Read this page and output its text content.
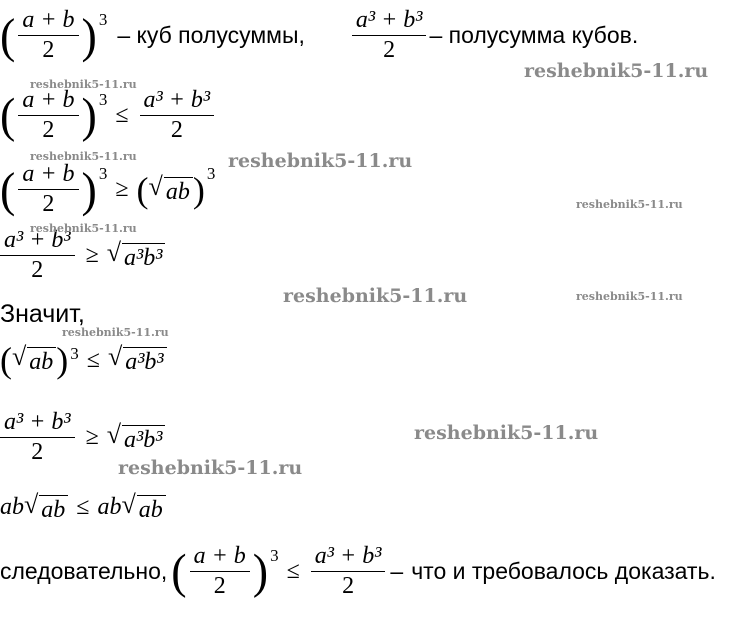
( $\frac{a + b}{2}$ ) 3
– куб полусуммы, $\frac{\text{a³ + b³}}{2}$ – полусумма кубов.
( $\frac{a + b}{2}$ ) 3
≤ $\frac{\text{a³ + b³}}{2}$
( $\frac{a + b}{2}$ ) 3
≥ ( √ ab ) 3
$\frac{\text{a³ + b³}}{2}$ ≥ √ a³b³
Значит,
( √ ab ) 3 ≤ √ a³b³
$\frac{\text{a³ + b³}}{2}$ ≥ √ a³b³
ab √ ab ≤ ab √ ab
следовательно, ( $\frac{a + b}{2}$ ) 3
≤ $\frac{\text{a³ + b³}}{2}$ – что и требовалось доказать.
reshebnik5-11.ru
reshebnik5-11.ru
reshebnik5-11.ru	reshebnik5-11.ru
reshebnik5-11.ru
reshebnik5-11.ru
reshebnik5-11.ru	reshebnik5-11.ru
reshebnik5-11.ru
reshebnik5-11.ru
reshebnik5-11.ru
